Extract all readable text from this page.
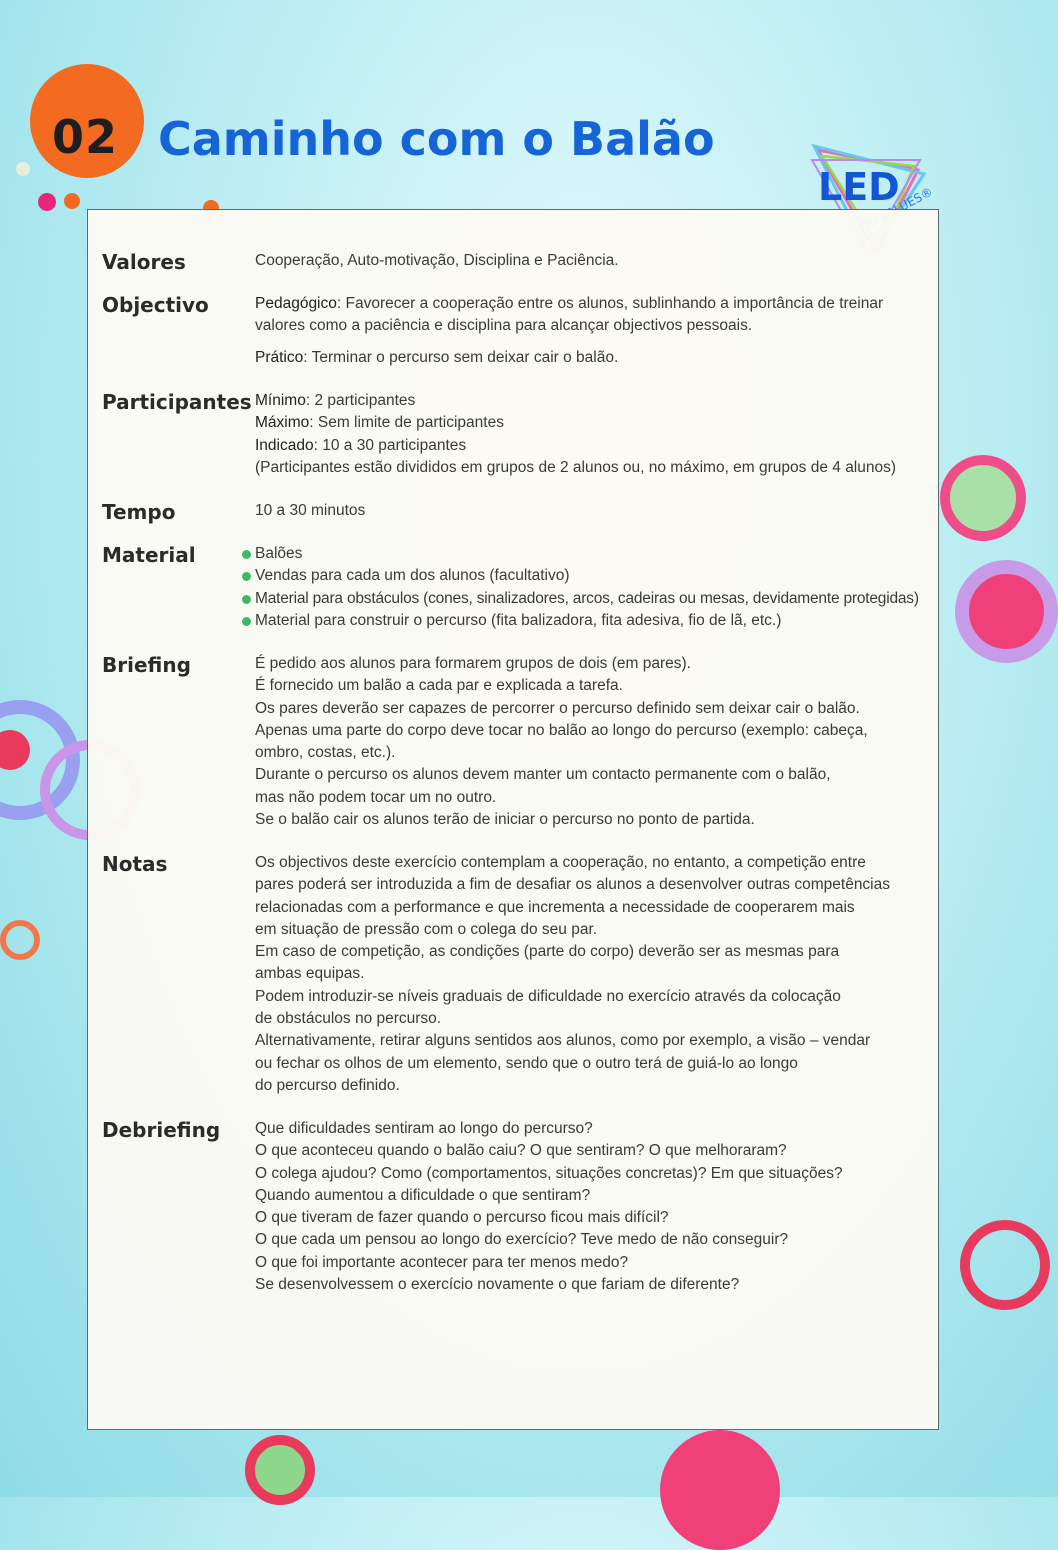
02 Caminho com o Balão
LED
Valores	Cooperação, Auto-motivação, Disciplina e Paciência.
Objectivo	Pedagógico: Favorecer a cooperação entre os alunos, sublinhando a importância de treinar valores como a paciência e disciplina para alcançar objectivos pessoais.

Prático: Terminar o percurso sem deixar cair o balão.

Participantes Mínimo: 2 participantes

Máximo: Sem limite de participantes

Indicado: 10 a 30 participantes

(Participantes estão divididos em grupos de 2 alunos ou, no máximo, em grupos de 4 alunos)

Tempo	10 a 30 minutos
Material	Balões
Vendas para cada um dos alunos (facultativo)
Material para obstáculos (cones, sinalizadores, arcos, cadeiras ou mesas, devidamente protegidas)
Material para construir o percurso (fita balizadora, fita adesiva, fio de lã, etc.)
Briefing	É pedido aos alunos para formarem grupos de dois (em pares).

É fornecido um balão a cada par e explicada a tarefa.

Os pares deverão ser capazes de percorrer o percurso definido sem deixar cair o balão.

Apenas uma parte do corpo deve tocar no balão ao longo do percurso (exemplo: cabeça,

ombro, costas, etc.).

Durante o percurso os alunos devem manter um contacto permanente com o balão,

mas não podem tocar um no outro.

Se o balão cair os alunos terão de iniciar o percurso no ponto de partida.

Notas	Os objectivos deste exercício contemplam a cooperação, no entanto, a competição entre

pares poderá ser introduzida a fim de desafiar os alunos a desenvolver outras competências

relacionadas com a performance e que incrementa a necessidade de cooperarem mais

em situação de pressão com o colega do seu par.

Em caso de competição, as condições (parte do corpo) deverão ser as mesmas para

ambas equipas.

Podem introduzir-se níveis graduais de dificuldade no exercício através da colocação

de obstáculos no percurso.

Alternativamente, retirar alguns sentidos aos alunos, como por exemplo, a visão – vendar

ou fechar os olhos de um elemento, sendo que o outro terá de guiá-lo ao longo

do percurso definido.

Debriefing Que dificuldades sentiram ao longo do percurso?

O que aconteceu quando o balão caiu? O que sentiram? O que melhoraram?

O colega ajudou? Como (comportamentos, situações concretas)? Em que situações?

Quando aumentou a dificuldade o que sentiram?

O que tiveram de fazer quando o percurso ficou mais difícil?

O que cada um pensou ao longo do exercício? Teve medo de não conseguir?

O que foi importante acontecer para ter menos medo?

Se desenvolvessem o exercício novamente o que fariam de diferente?
